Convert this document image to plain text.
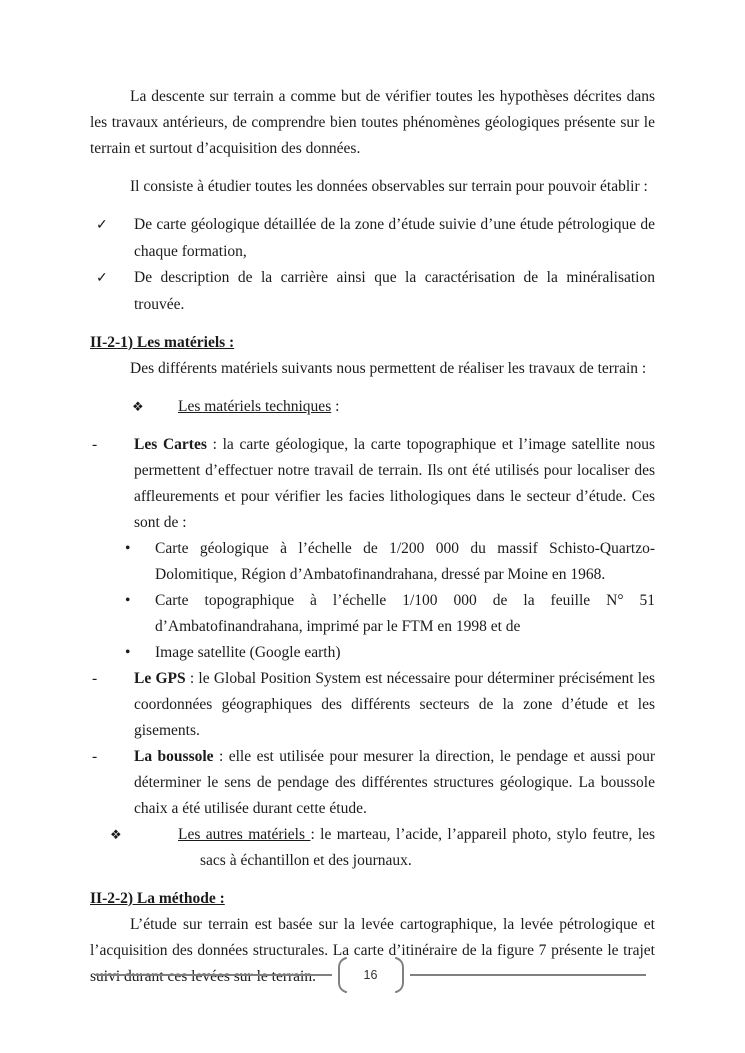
La descente sur terrain a comme but de vérifier toutes les hypothèses décrites dans les travaux antérieurs, de comprendre bien toutes phénomènes géologiques présente sur le terrain et surtout d’acquisition des données.
Il consiste à étudier toutes les données observables sur terrain pour pouvoir établir :
✓ De carte géologique détaillée de la zone d’étude suivie d’une étude pétrologique de chaque formation,
✓ De description de la carrière ainsi que la caractérisation de la minéralisation trouvée.
II-2-1) Les matériels :
Des différents matériels suivants nous permettent de réaliser les travaux de terrain :
❖ Les matériels techniques :
- Les Cartes : la carte géologique, la carte topographique et l’image satellite nous permettent d’effectuer notre travail de terrain. Ils ont été utilisés pour localiser des affleurements et pour vérifier les facies lithologiques dans le secteur d’étude. Ces sont de :
• Carte géologique à l’échelle de 1/200 000 du massif Schisto-Quartzo-Dolomitique, Région d’Ambatofinandrahana, dressé par Moine en 1968.
• Carte topographique à l’échelle 1/100 000 de la feuille N° 51 d’Ambatofinandrahana, imprimé par le FTM en 1998 et de
• Image satellite (Google earth)
- Le GPS : le Global Position System est nécessaire pour déterminer précisément les coordonnées géographiques des différents secteurs de la zone d’étude et les gisements.
- La boussole : elle est utilisée pour mesurer la direction, le pendage et aussi pour déterminer le sens de pendage des différentes structures géologique. La boussole chaix a été utilisée durant cette étude.
❖	Les autres matériels : le marteau, l’acide, l’appareil photo, stylo feutre, les sacs à échantillon et des journaux.
II-2-2) La méthode :
L’étude sur terrain est basée sur la levée cartographique, la levée pétrologique et l’acquisition des données structurales. La carte d’itinéraire de la figure 7 présente le trajet suivi durant ces levées sur le terrain.	16
